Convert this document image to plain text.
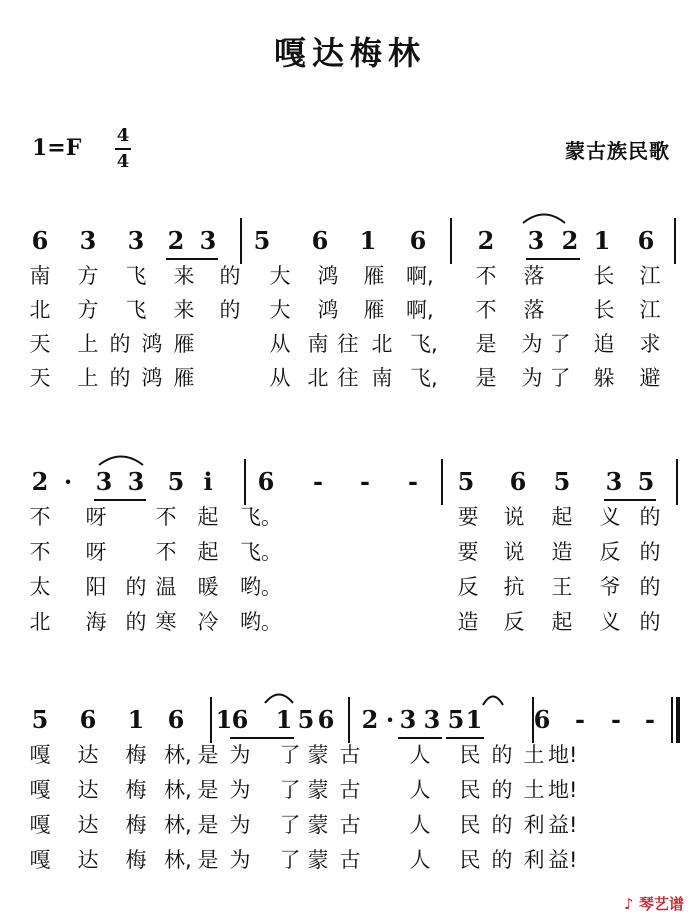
嘎达梅林
1=F 4
4	蒙古族民歌
6 3 3 2 3 5 6 1 6 2 3 2 1 6
南 方 飞 来 的 大 鸿 雁 啊, 不 落 长 江
北 方 飞 来 的 大 鸿 雁 啊, 不 落 长 江
天 上 的 鸿 雁	从 南 往 北 飞, 是 为 了 追 求
天 上 的 鸿 雁	从 北 往 南 飞, 是 为 了 躲 避
2 · 3 3 5 i	6 - - - 5 6 5 3 5
不 呀 不 起 飞。	要 说 起 义 的
不 呀 不 起 飞。	要 说 造 反 的
太 阳 的 温 暖 哟。	反 抗 王 爷 的
北 海 的 寒 冷 哟。	造 反 起 义 的
5 6 1 6 1 6 1 5 6 2 · 3 3 5 1 6 - - -
嘎 达 梅 林, 是 为 了 蒙 古 人 民 的 土 地!
嘎 达 梅 林, 是 为 了 蒙 古 人 民 的 土 地!
嘎 达 梅 林, 是 为 了 蒙 古 人 民 的 利 益!
嘎 达 梅 林, 是 为 了 蒙 古 人 民 的 利 益!
♪ 琴艺谱
